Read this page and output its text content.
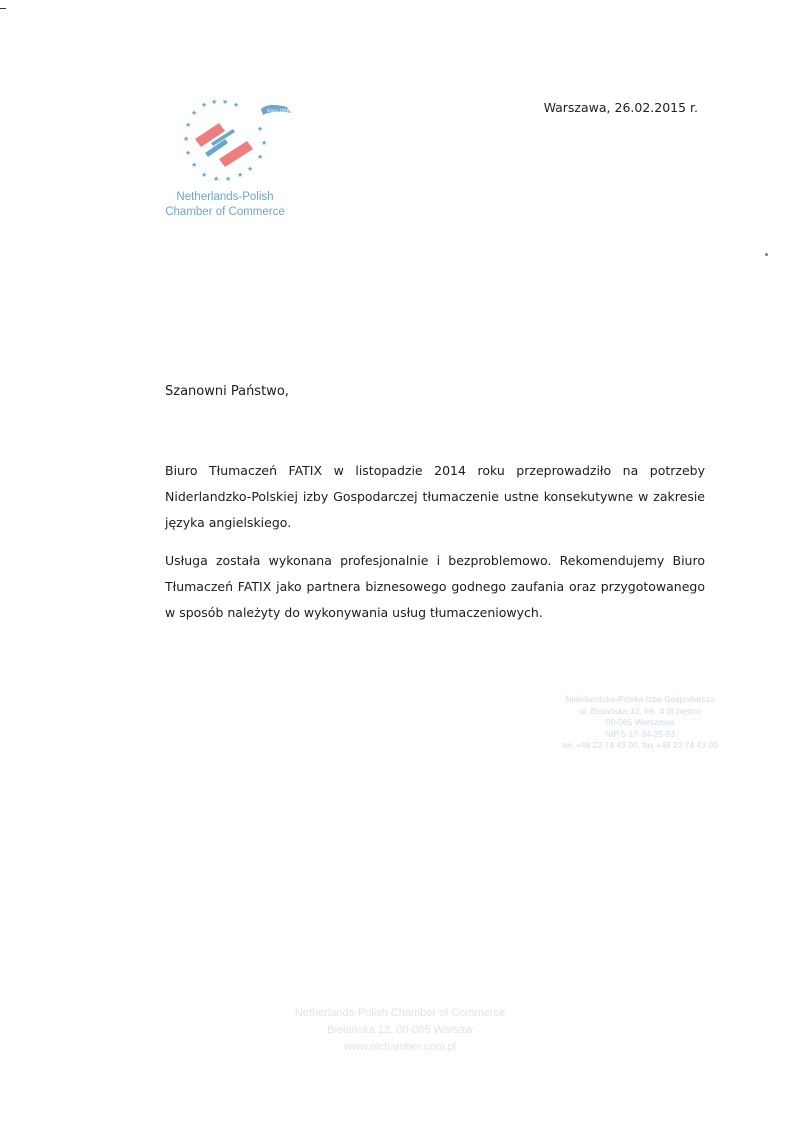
★ ★ ★ ★
★
★
★
★
★
★ ★ ★ ★
★
★
★
★
Since 1996
Netherlands-Polish
Chamber of Commerce
Warszawa, 26.02.2015 r.
Szanowni Państwo,

Biuro Tłumaczeń FATIX w listopadzie 2014 roku przeprowadziło na potrzeby Niderlandzko-Polskiej izby Gospodarczej tłumaczenie ustne konsekutywne w zakresie języka angielskiego.

Usługa została wykonana profesjonalnie i bezproblemowo. Rekomendujemy Biuro Tłumaczeń FATIX jako partnera biznesowego godnego zaufania oraz przygotowanego w sposób należyty do wykonywania usług tłumaczeniowych.

Niderlandzko-Polska Izba Gospodarcza
ul. Bielańska 12, lok. 4 (II piętro)
00-085 Warszawa
NIP 5-17-34-25-93
tel. +48 22 74 43 00, fax +48 22 74 43 00
Netherlands-Polish Chamber of Commerce
Bielańska 12, 00-085 Warsaw
www.nlchamber.com.pl
